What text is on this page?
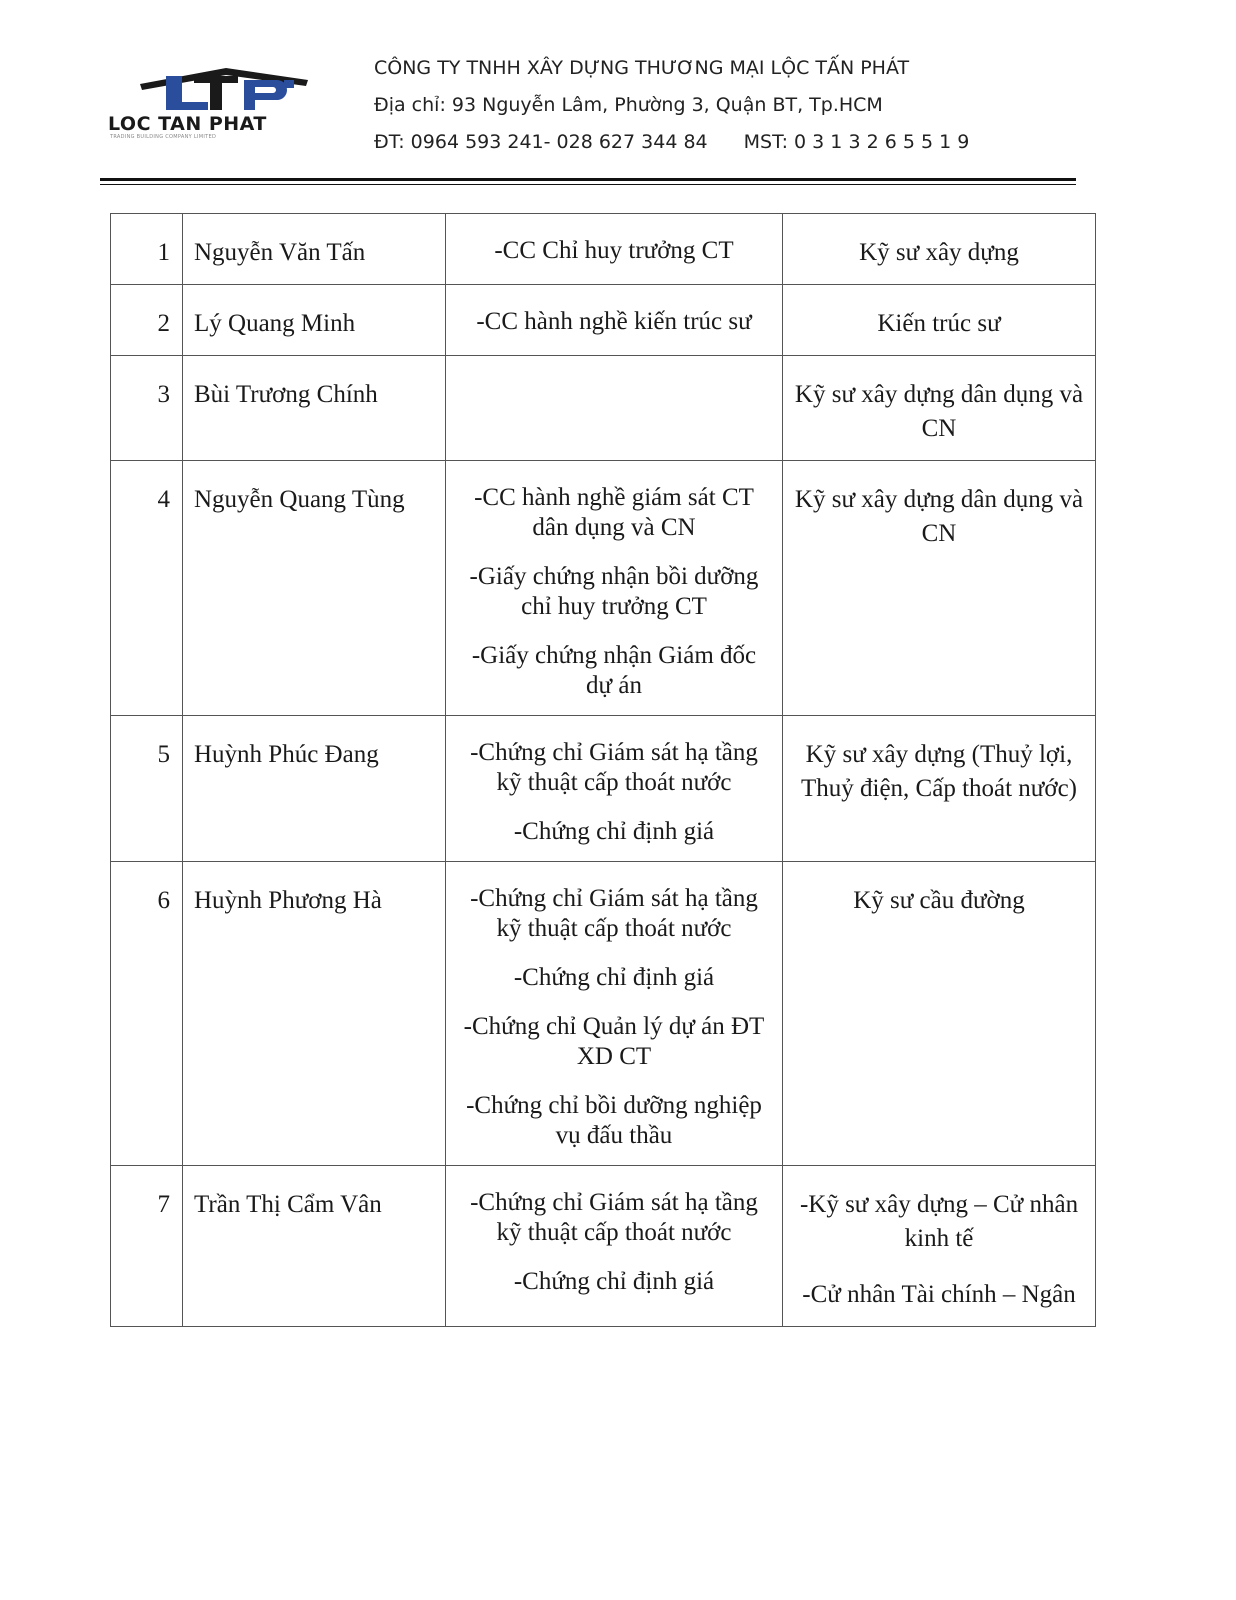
LOC TAN PHAT
TRADING BUILDING COMPANY LIMITED
CÔNG TY TNHH XÂY DỰNG THƯƠNG MẠI LỘC TẤN PHÁT
Địa chỉ: 93 Nguyễn Lâm, Phường 3, Quận BT, Tp.HCM
ĐT: 0964 593 241- 028 627 344 84 MST: 0 3 1 3 2 6 5 5 1 9
1	Nguyễn Văn Tấn	-CC Chỉ huy trưởng CT	Kỹ sư xây dựng

2	Lý Quang Minh	-CC hành nghề kiến trúc sư	Kiến trúc sư

3	Bùi Trương Chính		Kỹ sư xây dựng dân dụng và CN

4	Nguyễn Quang Tùng	-CC hành nghề giám sát CT dân dụng và CN
-Giấy chứng nhận bồi dưỡng chỉ huy trưởng CT
-Giấy chứng nhận Giám đốc dự án	Kỹ sư xây dựng dân dụng và CN

5	Huỳnh Phúc Đang	-Chứng chỉ Giám sát hạ tầng kỹ thuật cấp thoát nước
-Chứng chỉ định giá	Kỹ sư xây dựng (Thuỷ lợi, Thuỷ điện, Cấp thoát nước)

6	Huỳnh Phương Hà	-Chứng chỉ Giám sát hạ tầng kỹ thuật cấp thoát nước
-Chứng chỉ định giá
-Chứng chỉ Quản lý dự án ĐT XD CT
-Chứng chỉ bồi dưỡng nghiệp vụ đấu thầu	Kỹ sư cầu đường

7	Trần Thị Cẩm Vân	-Chứng chỉ Giám sát hạ tầng kỹ thuật cấp thoát nước
-Chứng chỉ định giá	-Kỹ sư xây dựng – Cử nhân kinh tế
-Cử nhân Tài chính – Ngân
